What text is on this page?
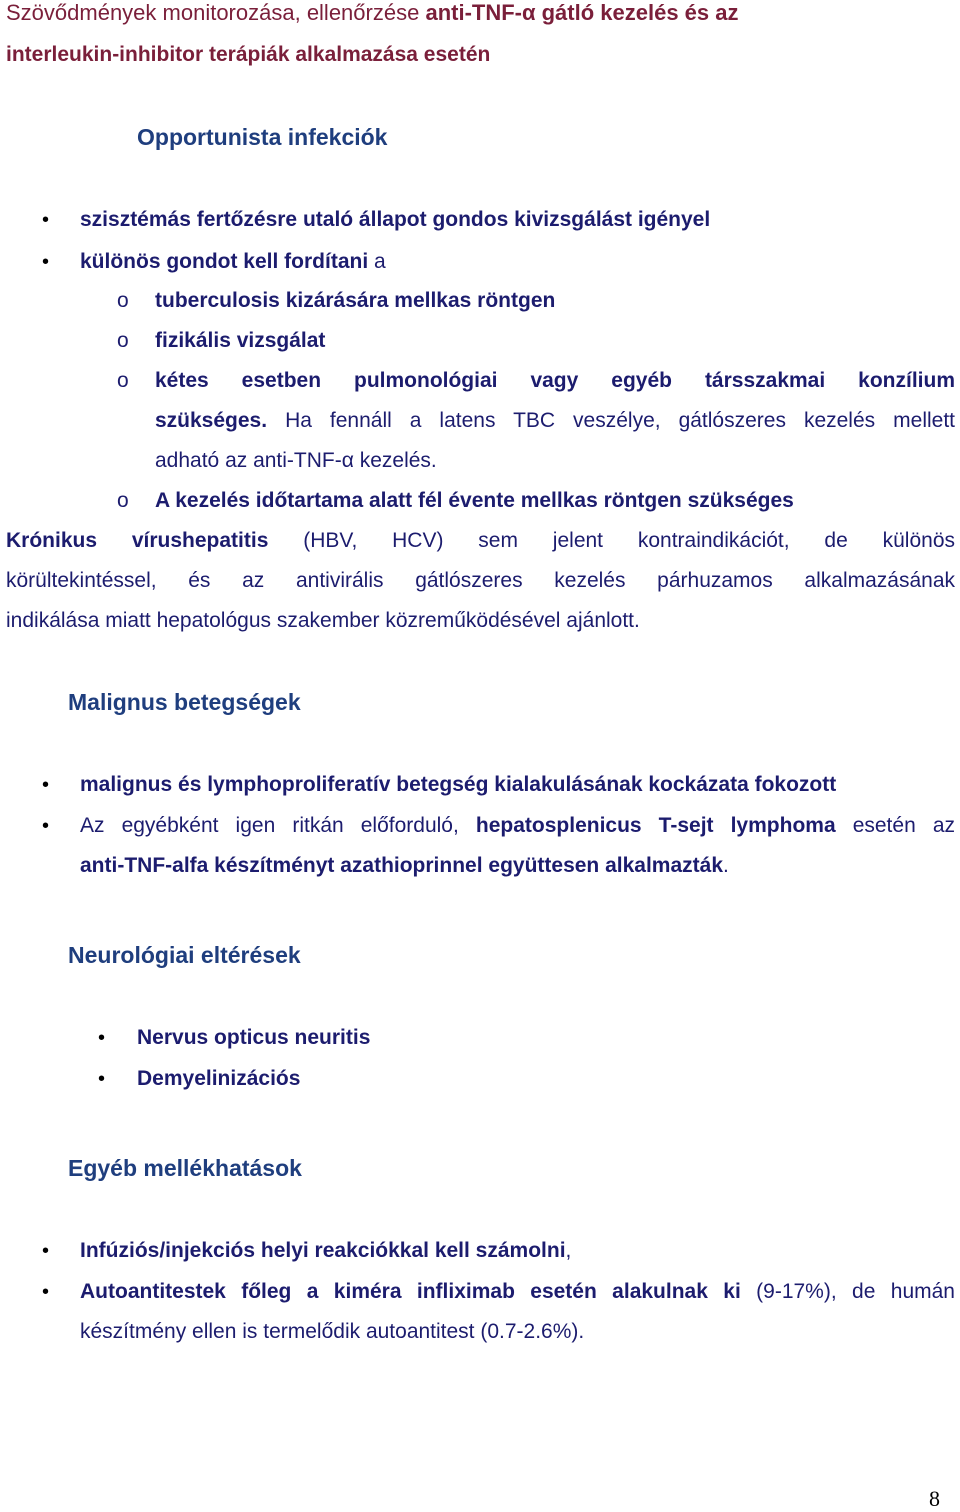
Szövődmények monitorozása, ellenőrzése anti-TNF-α gátló kezelés és az
interleukin-inhibitor terápiák alkalmazása esetén
Opportunista infekciók
• szisztémás fertőzésre utaló állapot gondos kivizsgálást igényel
• különös gondot kell fordítani a
o tuberculosis kizárására mellkas röntgen
o fizikális vizsgálat
o kétes esetben pulmonológiai vagy egyéb társszakmai konzílium
szükséges. Ha fennáll a latens TBC veszélye, gátlószeres kezelés mellett
adható az anti-TNF-α kezelés.
o A kezelés időtartama alatt fél évente mellkas röntgen szükséges
Krónikus vírushepatitis (HBV, HCV) sem jelent kontraindikációt, de különös
körültekintéssel, és az antivirális gátlószeres kezelés párhuzamos alkalmazásának
indikálása miatt hepatológus szakember közreműködésével ajánlott.
Malignus betegségek
• malignus és lymphoproliferatív betegség kialakulásának kockázata fokozott
• Az egyébként igen ritkán előforduló, hepatosplenicus T-sejt lymphoma esetén az
anti-TNF-alfa készítményt azathioprinnel együttesen alkalmazták.
Neurológiai eltérések
• Nervus opticus neuritis
• Demyelinizációs
Egyéb mellékhatások
• Infúziós/injekciós helyi reakciókkal kell számolni,
• Autoantitestek főleg a kiméra infliximab esetén alakulnak ki (9-17%), de humán
készítmény ellen is termelődik autoantitest (0.7-2.6%).
8
